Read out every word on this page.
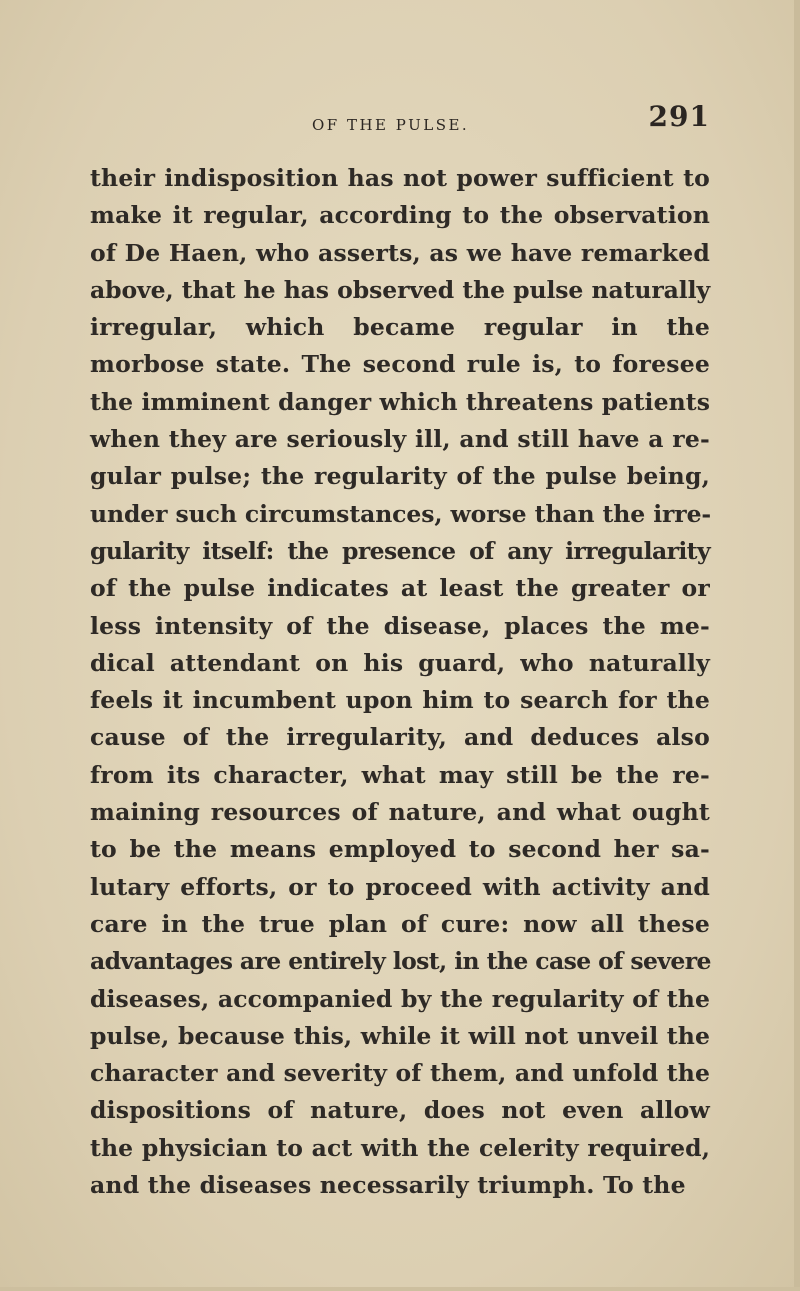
OF THE PULSE.	291
their indisposition has not power sufficient to
make it regular, according to the observation
of De Haen, who asserts, as we have remarked
above, that he has observed the pulse naturally
irregular, which became regular in the
morbose state. The second rule is, to foresee
the imminent danger which threatens patients
when they are seriously ill, and still have a re-
gular pulse; the regularity of the pulse being,
under such circumstances, worse than the irre-
gularity itself: the presence of any irregularity
of the pulse indicates at least the greater or
less intensity of the disease, places the me-
dical attendant on his guard, who naturally
feels it incumbent upon him to search for the
cause of the irregularity, and deduces also
from its character, what may still be the re-
maining resources of nature, and what ought
to be the means employed to second her sa-
lutary efforts, or to proceed with activity and
care in the true plan of cure: now all these
advantages are entirely lost, in the case of severe
diseases, accompanied by the regularity of the
pulse, because this, while it will not unveil the
character and severity of them, and unfold the
dispositions of nature, does not even allow
the physician to act with the celerity required,
and the diseases necessarily triumph. To the
